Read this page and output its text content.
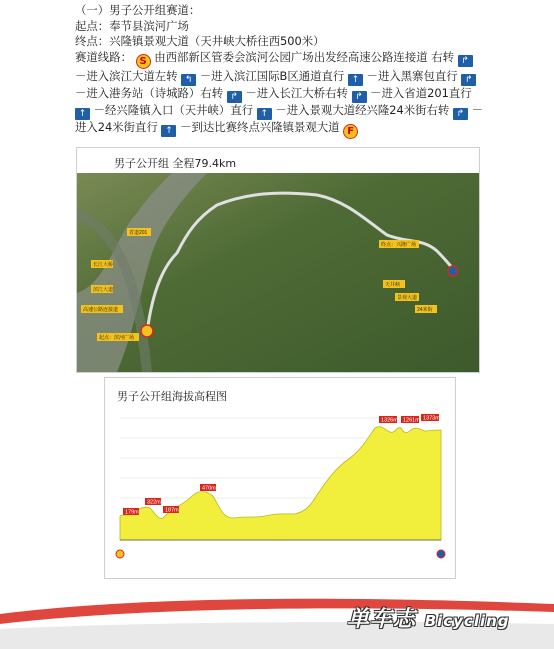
（一）男子公开组赛道：

起点：奉节县滨河广场

终点：兴隆镇景观大道（天井峡大桥往西500米）

赛道线路： S 由西部新区管委会滨河公园广场出发经高速公路连接道 右转 ↱ －进入滨江大道左转 ↰ －进入滨江国际B区通道直行 ↑ －进入黑寨包直行 ↱ －进入港务站（诗城路）右转 ↱ －进入长江大桥右转 ↱ －进入省道201直行 ↑ －经兴隆镇入口（天井峡）直行 ↑ －进入景观大道经兴隆24米街右转 ↱ －进入24米街直行 ↑ －到达比赛终点兴隆镇景观大道 F

男子公开组 全程79.4km
省道201
长江大桥
滨江大道
高速公路连接道
起点：滨河广场
终点：兴隆广场
天井峡
景观大道
24米街
男子公开组海拔高程图
179m
322m
187m
470m
1326m 1261m 1373m
单车志 Bicycling
